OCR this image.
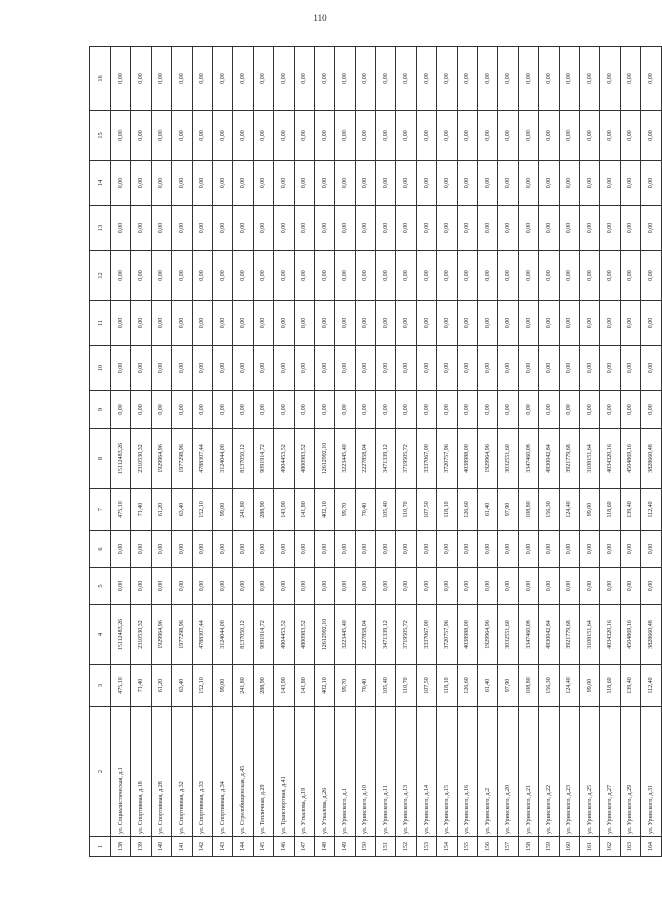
110
1	2	3	4	5	6	7	8	9	10	11	12	13	14	15	16
138	ул. Социалистическая, д.1	475,10	15112483,26	0,00	0,00	475,10	15112483,26	0,00	0,00	0,00	0,00	0,00	0,00	0,00	0,00
139	ул. Спортивная, д.18	71,40	2310530,32	0,00	0,00	71,40	2310530,32	0,00	0,00	0,00	0,00	0,00	0,00	0,00	0,00
140	ул. Спортивная, д.28	61,20	1929964,96	0,00	0,00	61,20	1929964,96	0,00	0,00	0,00	0,00	0,00	0,00	0,00	0,00
141	ул. Спортивная, д.32	63,40	1977298,96	0,00	0,00	63,40	1977298,96	0,00	0,00	0,00	0,00	0,00	0,00	0,00	0,00
142	ул. Спортивная, д.33	152,10	4788307,44	0,00	0,00	152,10	4788307,44	0,00	0,00	0,00	0,00	0,00	0,00	0,00	0,00
143	ул. Спортивная, д.34	99,00	3124044,00	0,00	0,00	99,00	3124044,00	0,00	0,00	0,00	0,00	0,00	0,00	0,00	0,00
144	ул. Стрелобищенская, д.45	241,80	8137050,12	0,00	0,00	241,80	8137050,12	0,00	0,00	0,00	0,00	0,00	0,00	0,00	0,00
145	ул. Тепличная, д.29	288,90	9091914,72	0,00	0,00	288,90	9091914,72	0,00	0,00	0,00	0,00	0,00	0,00	0,00	0,00
146	ул. Транспортная, д.41	143,90	4904453,52	0,00	0,00	143,90	4904453,52	0,00	0,00	0,00	0,00	0,00	0,00	0,00	0,00
147	ул. Уткалова, д.19	141,80	4800983,52	0,00	0,00	141,80	4800983,52	0,00	0,00	0,00	0,00	0,00	0,00	0,00	0,00
148	ул. Уткалова, д.26	402,10	12612992,10	0,00	0,00	402,10	12612992,10	0,00	0,00	0,00	0,00	0,00	0,00	0,00	0,00
149	ул. Уринского, д.1	99,70	3223445,40	0,00	0,00	99,70	3223445,40	0,00	0,00	0,00	0,00	0,00	0,00	0,00	0,00
150	ул. Уринского, д.10	70,40	2227858,04	0,00	0,00	70,40	2227858,04	0,00	0,00	0,00	0,00	0,00	0,00	0,00	0,00
151	ул. Уринского, д.11	105,40	3471339,12	0,00	0,00	105,40	3471339,12	0,00	0,00	0,00	0,00	0,00	0,00	0,00	0,00
152	ул. Уринского, д.13	110,70	3719505,72	0,00	0,00	110,70	3719505,72	0,00	0,00	0,00	0,00	0,00	0,00	0,00	0,00
153	ул. Уринского, д.14	107,50	3337067,00	0,00	0,00	107,50	3337067,00	0,00	0,00	0,00	0,00	0,00	0,00	0,00	0,00
154	ул. Уринского, д.15	118,10	3720757,96	0,00	0,00	118,10	3720757,96	0,00	0,00	0,00	0,00	0,00	0,00	0,00	0,00
155	ул. Уринского, д.16	126,60	4038988,00	0,00	0,00	126,60	4038988,00	0,00	0,00	0,00	0,00	0,00	0,00	0,00	0,00
156	ул. Уринского, д.2	61,40	1929964,96	0,00	0,00	61,40	1929964,96	0,00	0,00	0,00	0,00	0,00	0,00	0,00	0,00
157	ул. Уринского, д.20	97,90	3032551,60	0,00	0,00	97,90	3032551,60	0,00	0,00	0,00	0,00	0,00	0,00	0,00	0,00
158	ул. Уринского, д.21	108,80	3347460,08	0,00	0,00	108,80	3347460,08	0,00	0,00	0,00	0,00	0,00	0,00	0,00	0,00
159	ул. Уринского, д.22	156,30	4930042,84	0,00	0,00	156,30	4930042,84	0,00	0,00	0,00	0,00	0,00	0,00	0,00	0,00
160	ул. Уринского, д.23	124,40	3921779,68	0,00	0,00	124,40	3921779,68	0,00	0,00	0,00	0,00	0,00	0,00	0,00	0,00
161	ул. Уринского, д.25	99,00	3108151,64	0,00	0,00	99,00	3108151,64	0,00	0,00	0,00	0,00	0,00	0,00	0,00	0,00
162	ул. Уринского, д.27	118,60	4034320,16	0,00	0,00	118,60	4034320,16	0,00	0,00	0,00	0,00	0,00	0,00	0,00	0,00
163	ул. Уринского, д.29	139,40	4504869,16	0,00	0,00	139,40	4504869,16	0,00	0,00	0,00	0,00	0,00	0,00	0,00	0,00
164	ул. Уринского, д.31	112,40	3828660,48	0,00	0,00	112,40	3828660,48	0,00	0,00	0,00	0,00	0,00	0,00	0,00	0,00
